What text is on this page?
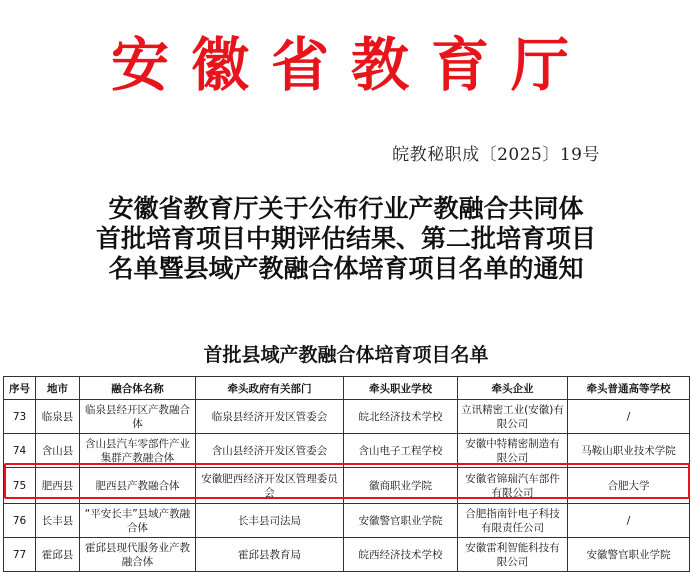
安徽省教育厅
皖教秘职成〔2025〕19号
安徽省教育厅关于公布行业产教融合共同体
首批培育项目中期评估结果、第二批培育项目
名单暨县域产教融合体培育项目名单的通知
首批县域产教融合体培育项目名单
序号	地市	融合体名称	牵头政府有关部门	牵头职业学校	牵头企业	牵头普通高等学校
73	临泉县	临泉县经开区产教融合体	临泉县经济开发区管委会	皖北经济技术学校	立讯精密工业(安徽)有限公司	/
74	含山县	含山县汽车零部件产业集群产教融合体	含山县经济开发区管委会	含山电子工程学校	安徽中特精密制造有限公司	马鞍山职业技术学院
75	肥西县	肥西县产教融合体	安徽肥西经济开发区管理委员会	徽商职业学院	安徽省锦瑞汽车部件有限公司	合肥大学
76	长丰县	“平安长丰”县域产教融合体	长丰县司法局	安徽警官职业学院	合肥指南针电子科技有限责任公司	/
77	霍邱县	霍邱县现代服务业产教融合体	霍邱县教育局	皖西经济技术学校	安徽雷利智能科技有限公司	安徽警官职业学院
